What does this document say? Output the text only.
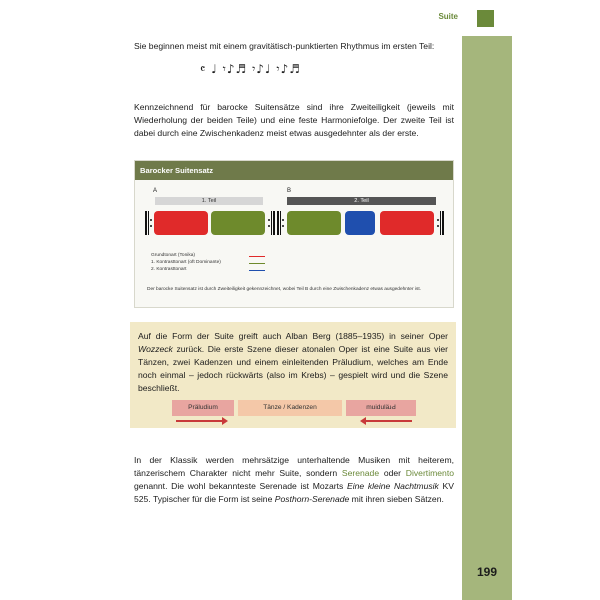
Suite
199
Sie beginnen meist mit einem gravitätisch-punktierten Rhythmus im ersten Teil:
𝄴 ♩ 𝄾♪♬ 𝄾♪♩ 𝄾♪♬
Kennzeichnend für barocke Suitensätze sind ihre Zweiteiligkeit (jeweils mit Wiederholung der beiden Teile) und eine feste Harmoniefolge. Der zweite Teil ist dabei durch eine Zwischenkadenz meist etwas ausgedehnter als der erste.
Barocker Suitensatz
A	B
1. Teil	2. Teil
Grundtonart (Tonika)
1. Kontrasttonart (oft Dominante)
2. Kontrasttonart
Der barocke Suitensatz ist durch Zweiteiligkeit gekennzeichnet, wobei Teil B durch eine Zwischenkadenz etwas ausgedehnter ist.
Auf die Form der Suite greift auch Alban Berg (1885–1935) in seiner Oper Wozzeck zurück. Die erste Szene dieser atonalen Oper ist eine Suite aus vier Tänzen, zwei Kadenzen und einem einleitenden Präludium, welches am Ende noch einmal – jedoch rückwärts (also im Krebs) – gespielt wird und die Szene beschließt.
Präludium	Tänze / Kadenzen	muiduläɹԀ
In der Klassik werden mehrsätzige unterhaltende Musiken mit heiterem, tänzerischem Charakter nicht mehr Suite, sondern Serenade oder Divertimento genannt. Die wohl bekannteste Serenade ist Mozarts Eine kleine Nachtmusik KV 525. Typischer für die Form ist seine Posthorn-Serenade mit ihren sieben Sätzen.
